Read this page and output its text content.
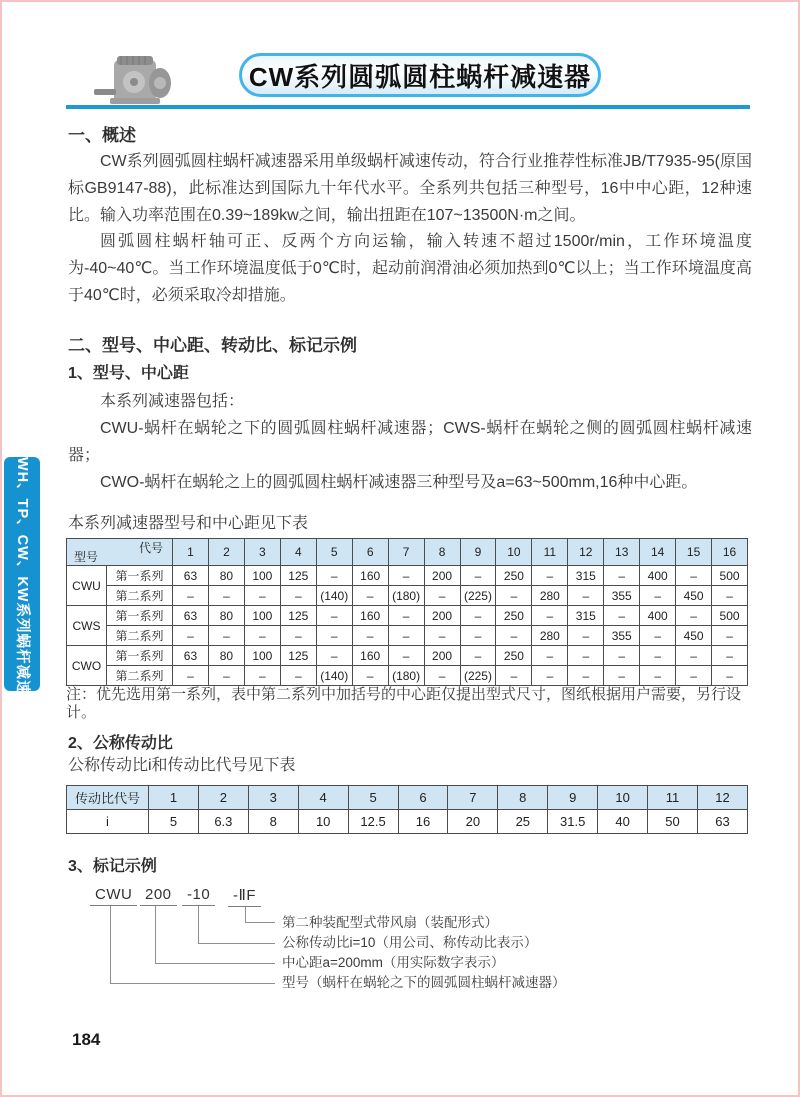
CW系列圆弧圆柱蜗杆减速器
WH、TP、CW、KW系列蜗杆减速机
一、概述
CW系列圆弧圆柱蜗杆减速器采用单级蜗杆减速传动，符合行业推荐性标准JB/T7935-95(原国标GB9147-88)，此标准达到国际九十年代水平。全系列共包括三种型号，16中中心距，12种速比。输入功率范围在0.39~189kw之间，输出扭距在107~13500N·m之间。
圆弧圆柱蜗杆轴可正、反两个方向运输，输入转速不超过1500r/min，工作环境温度为-40~40℃。当工作环境温度低于0℃时，起动前润滑油必须加热到0℃以上；当工作环境温度高于40℃时，必须采取冷却措施。
二、型号、中心距、转动比、标记示例
1、型号、中心距
本系列减速器包括：
CWU-蜗杆在蜗轮之下的圆弧圆柱蜗杆减速器；CWS-蜗杆在蜗轮之侧的圆弧圆柱蜗杆减速器；
CWO-蜗杆在蜗轮之上的圆弧圆柱蜗杆减速器三种型号及a=63~500mm,16种中心距。
本系列减速器型号和中心距见下表
代号
型号		1	2	3	4	5	6	7	8	9	10	11	12	13	14	15	16
CWU	第一系列	63	80	100	125	–	160	–	200	–	250	–	315	–	400	–	500
	第二系列	–	–	–	–	(140)	–	(180)	–	(225)	–	280	–	355	–	450	–
CWS	第一系列	63	80	100	125	–	160	–	200	–	250	–	315	–	400	–	500
	第二系列	–	–	–	–	–	–	–	–	–	–	280	–	355	–	450	–
CWO	第一系列	63	80	100	125	–	160	–	200	–	250	–	–	–	–	–	–
	第二系列	–	–	–	–	(140)	–	(180)	–	(225)	–	–	–	–	–	–	–
注：优先选用第一系列，表中第二系列中加括号的中心距仅提出型式尺寸，图纸根据用户需要，另行设计。
2、公称传动比
公称传动比i和传动比代号见下表
传动比代号	1	2	3	4	5	6	7	8	9	10	11	12
i	5	6.3	8	10	12.5	16	20	25	31.5	40	50	63
3、标记示例
CWU 200	-10	-ⅡF
第二种装配型式带风扇（装配形式）
公称传动比i=10（用公司、称传动比表示）
中心距a=200mm（用实际数字表示）
型号（蜗杆在蜗轮之下的圆弧圆柱蜗杆减速器）
184
